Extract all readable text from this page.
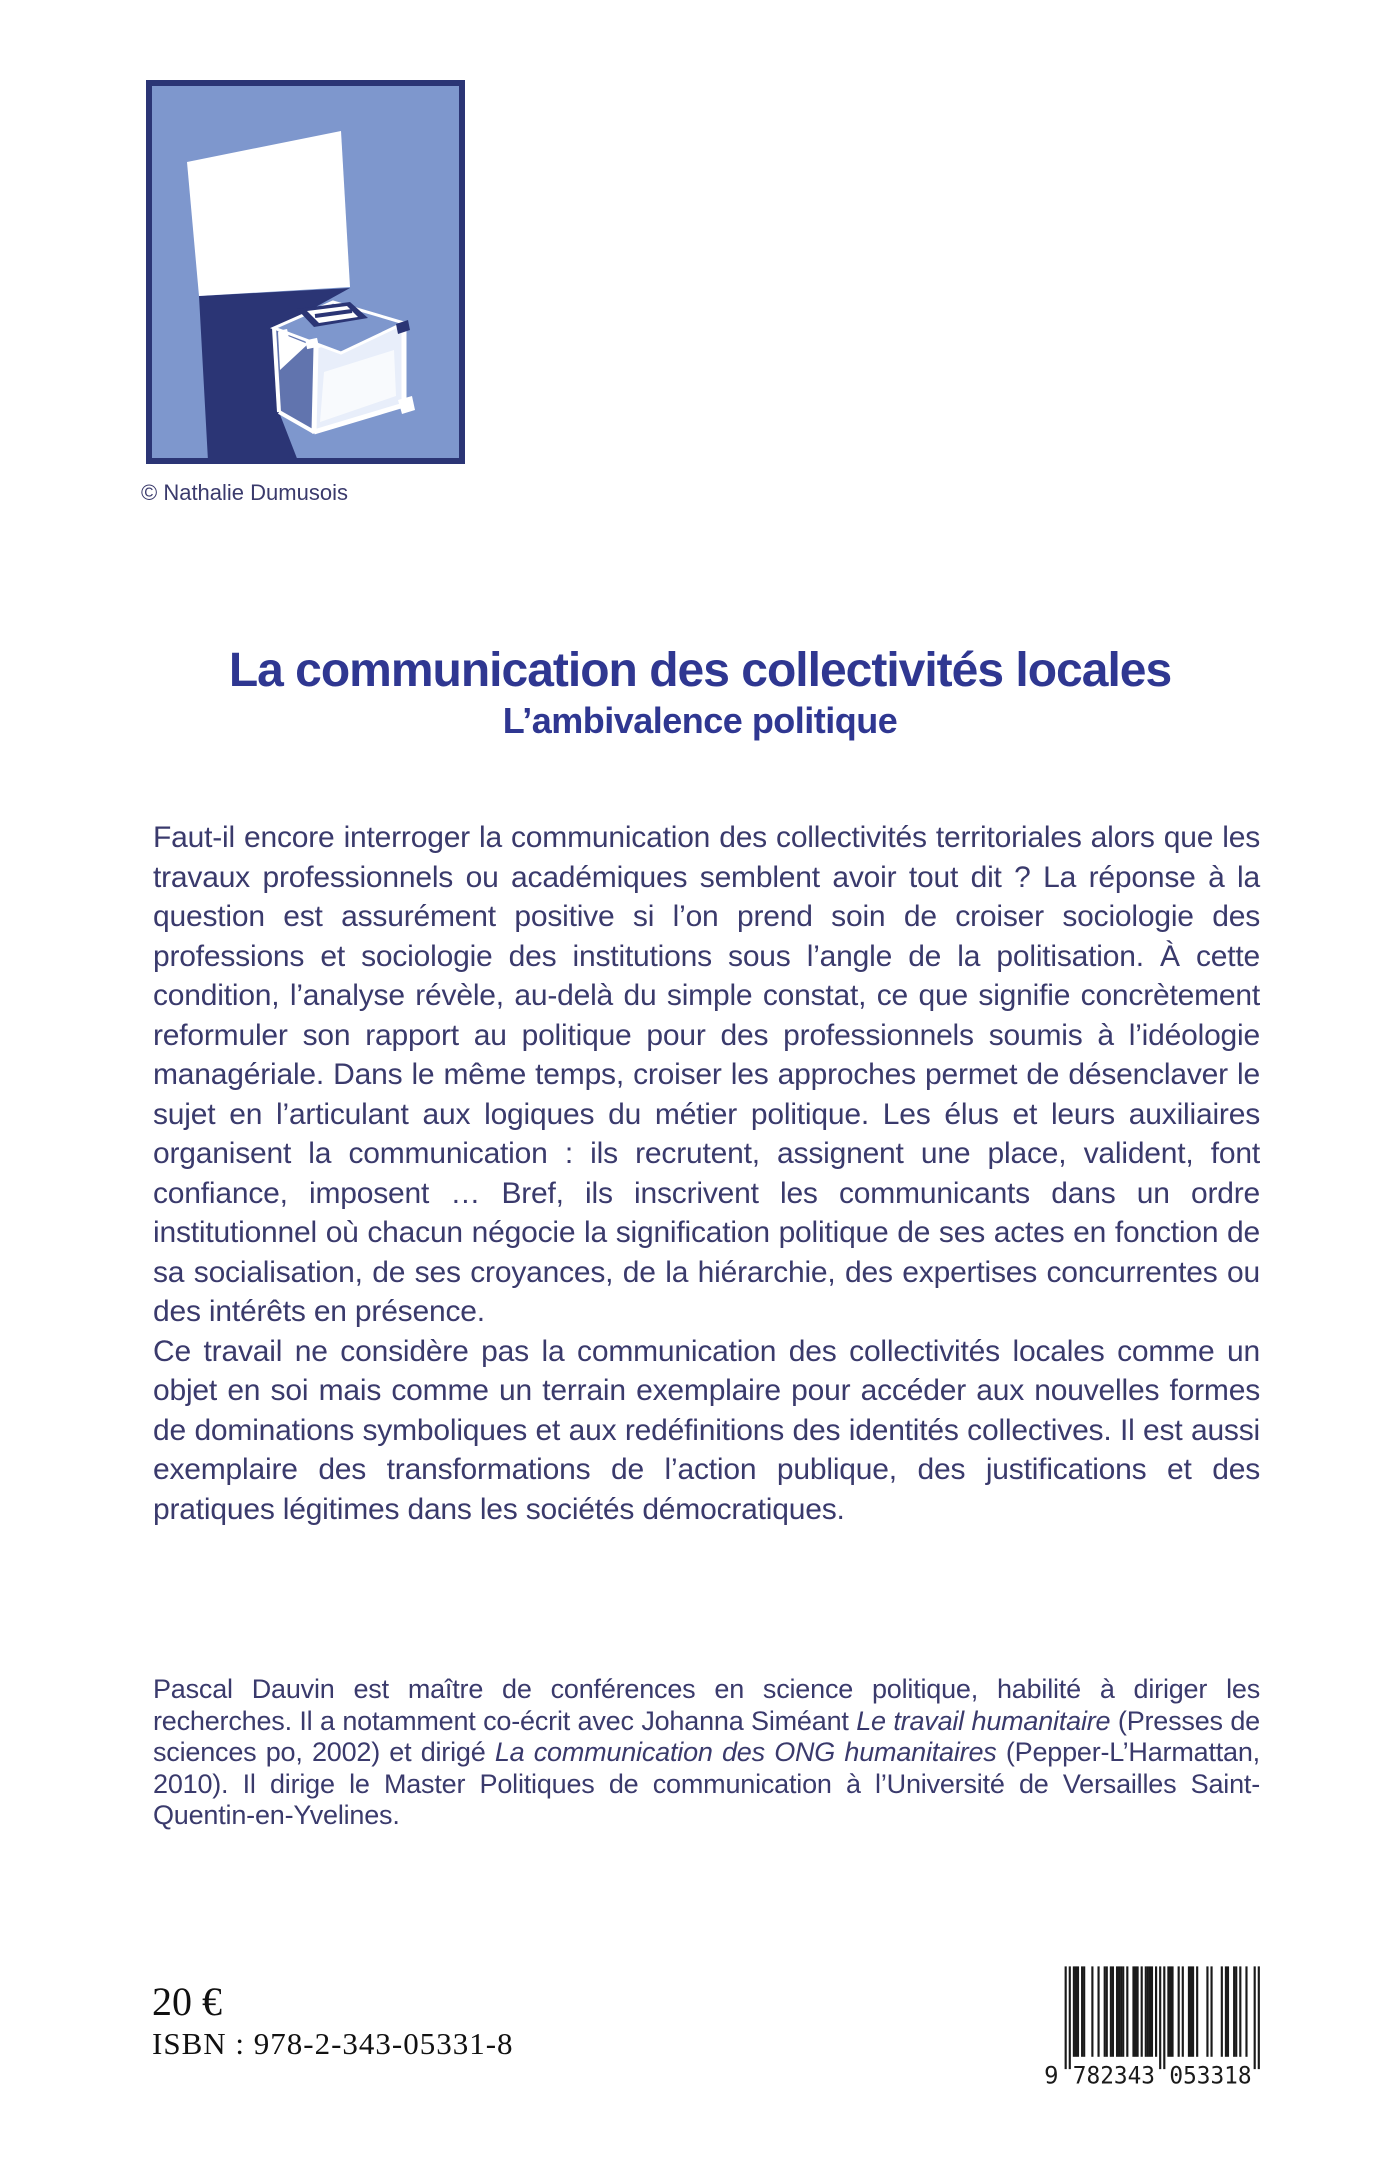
© Nathalie Dumusois
La communication des collectivités locales
L’ambivalence politique

Faut-il encore interroger la communication des collectivités territoriales alors que les travaux professionnels ou académiques semblent avoir tout dit ? La réponse à la question est assurément positive si l’on prend soin de croiser sociologie des professions et sociologie des institutions sous l’angle de la politisation. À cette condition, l’analyse révèle, au-delà du simple constat, ce que signifie concrètement reformuler son rapport au politique pour des professionnels soumis à l’idéologie managériale. Dans le même temps, croiser les approches permet de désenclaver le sujet en l’articulant aux logiques du métier politique. Les élus et leurs auxiliaires organisent la communication : ils recrutent, assignent une place, valident, font confiance, imposent … Bref, ils inscrivent les communicants dans un ordre institutionnel où chacun négocie la signification politique de ses actes en fonction de sa socialisation, de ses croyances, de la hiérarchie, des expertises concurrentes ou des intérêts en présence.

Ce travail ne considère pas la communication des collectivités locales comme un objet en soi mais comme un terrain exemplaire pour accéder aux nouvelles formes de dominations symboliques et aux redéfinitions des identités collectives. Il est aussi exemplaire des transformations de l’action publique, des justifications et des pratiques légitimes dans les sociétés démocratiques.

Pascal Dauvin est maître de conférences en science politique, habilité à diriger les recherches. Il a notamment co-écrit avec Johanna Siméant Le travail humanitaire (Presses de sciences po, 2002) et dirigé La communication des ONG humanitaires (Pepper-L’Harmattan, 2010). Il dirige le Master Politiques de communication à l’Université de Versailles Saint-Quentin-en-Yvelines.
20 €
ISBN : 978-2-343-05331-8
9 782343 053318
